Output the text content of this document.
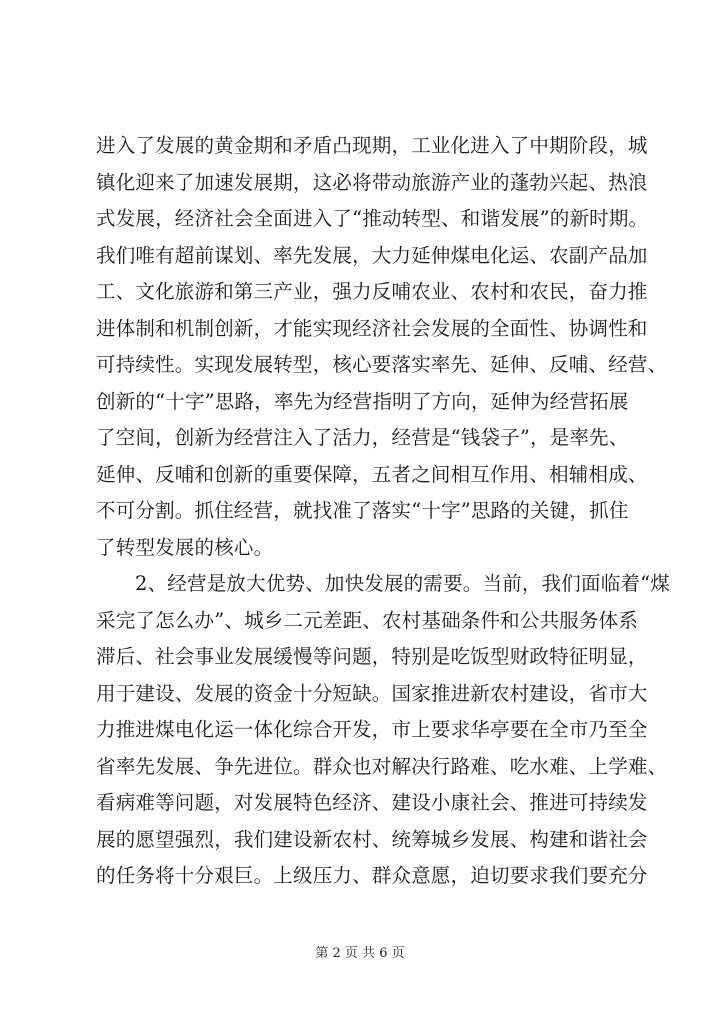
进入了发展的黄金期和矛盾凸现期，工业化进入了中期阶段，城
镇化迎来了加速发展期，这必将带动旅游产业的蓬勃兴起、热浪
式发展，经济社会全面进入了“推动转型、和谐发展”的新时期。
我们唯有超前谋划、率先发展，大力延伸煤电化运、农副产品加
工、文化旅游和第三产业，强力反哺农业、农村和农民，奋力推
进体制和机制创新，才能实现经济社会发展的全面性、协调性和
可持续性。实现发展转型，核心要落实率先、延伸、反哺、经营、
创新的“十字”思路，率先为经营指明了方向，延伸为经营拓展
了空间，创新为经营注入了活力，经营是“钱袋子”，是率先、
延伸、反哺和创新的重要保障，五者之间相互作用、相辅相成、
不可分割。抓住经营，就找准了落实“十字”思路的关键，抓住
了转型发展的核心。
2、经营是放大优势、加快发展的需要。当前，我们面临着“煤
采完了怎么办”、城乡二元差距、农村基础条件和公共服务体系
滞后、社会事业发展缓慢等问题，特别是吃饭型财政特征明显，
用于建设、发展的资金十分短缺。国家推进新农村建设，省市大
力推进煤电化运一体化综合开发，市上要求华亭要在全市乃至全
省率先发展、争先进位。群众也对解决行路难、吃水难、上学难、
看病难等问题，对发展特色经济、建设小康社会、推进可持续发
展的愿望强烈，我们建设新农村、统筹城乡发展、构建和谐社会
的任务将十分艰巨。上级压力、群众意愿，迫切要求我们要充分
第 2 页 共 6 页
